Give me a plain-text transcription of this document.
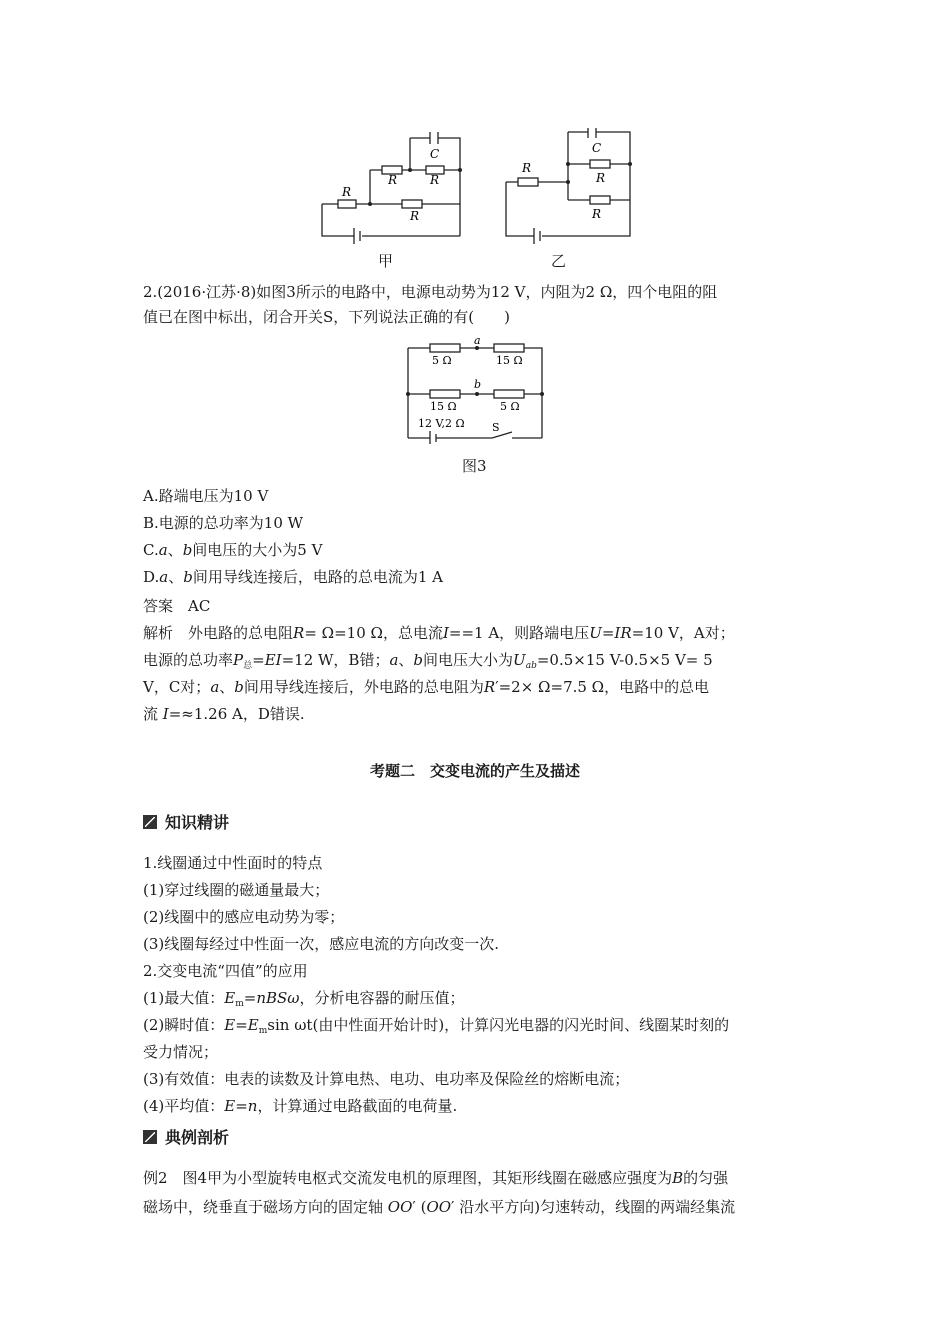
C
R	R
R
R
甲
C
R
R
R
乙
2.(2016·江苏·8)如图3所示的电路中，电源电动势为12 V，内阻为2 Ω，四个电阻的阻
值已在图中标出，闭合开关S，下列说法正确的有(　　)
5 Ω	15 Ω
15 Ω	5 Ω
a
b
12 V,2 Ω S
图3
A.路端电压为10 V
B.电源的总功率为10 W
C.a、b间电压的大小为5 V
D.a、b间用导线连接后，电路的总电流为1 A
答案　AC
解析　外电路的总电阻R= Ω=10 Ω，总电流I==1 A，则路端电压U=IR=10 V，A对；
电源的总功率$P_总=EI=12$ W，B错；a、b间电压大小为$U_{ab}=0.5\times 15$ V-0.5×5 V= 5
V，C对；a、b间用导线连接后，外电路的总电阻为R′=2× Ω=7.5 Ω，电路中的总电
流 I=≈1.26 A，D错误.
考题二　交变电流的产生及描述
知识精讲
1.线圈通过中性面时的特点
(1)穿过线圈的磁通量最大；
(2)线圈中的感应电动势为零；
(3)线圈每经过中性面一次，感应电流的方向改变一次.
2.交变电流“四值”的应用
(1)最大值：$E_m=nBS\omega$，分析电容器的耐压值；
(2)瞬时值：$E=E_m\sin$ ωt(由中性面开始计时)，计算闪光电器的闪光时间、线圈某时刻的
受力情况；
(3)有效值：电表的读数及计算电热、电功、电功率及保险丝的熔断电流；
(4)平均值：E=n，计算通过电路截面的电荷量.
典例剖析
例2　图4甲为小型旋转电枢式交流发电机的原理图，其矩形线圈在磁感应强度为B的匀强
磁场中，绕垂直于磁场方向的固定轴 OO′ (OO′ 沿水平方向)匀速转动，线圈的两端经集流
